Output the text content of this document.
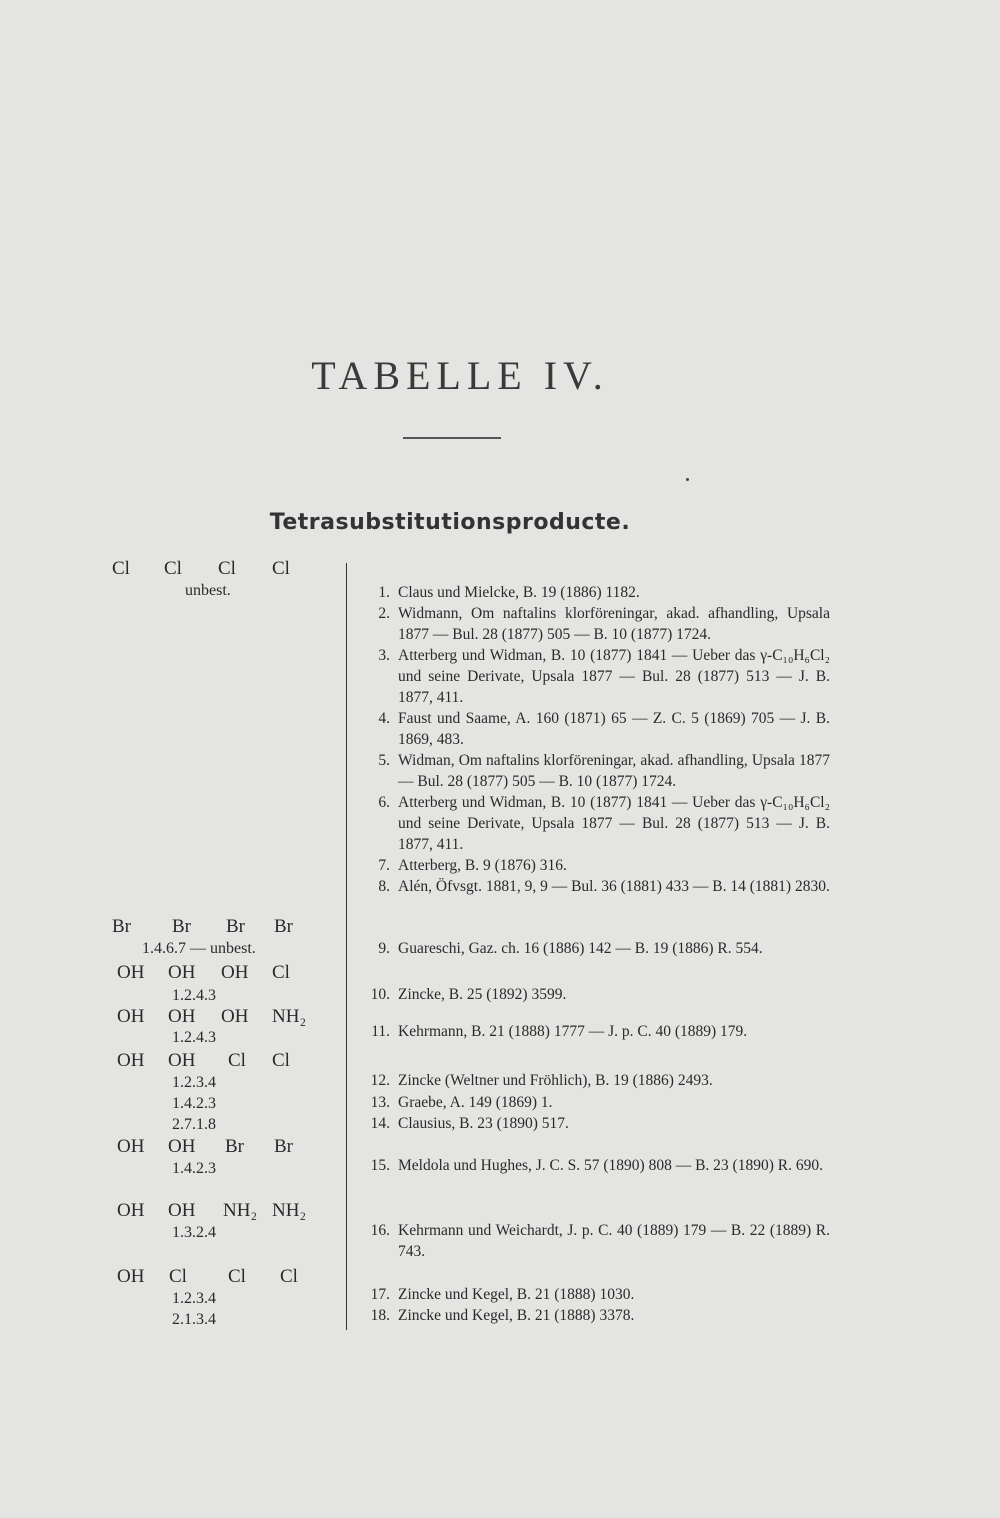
TABELLE IV.
Tetrasubstitutionsproducte.
Cl Cl Cl Cl
unbest.
Br Br Br Br
1.4.6.7 — unbest.
OH OH OH Cl
1.2.4.3
OH OH OH NH₂
1.2.4.3
OH OH Cl Cl
1.2.3.4
1.4.2.3
2.7.1.8
OH OH Br Br
1.4.2.3
OH OH NH₂ NH₂
1.3.2.4
OH Cl Cl Cl
1.2.3.4
2.1.3.4
1. Claus und Mielcke, B. 19 (1886) 1182.
2. Widmann, Om naftalins klorföreningar, akad. afhandling, Upsala 1877 — Bul. 28 (1877) 505 — B. 10 (1877) 1724.
3. Atterberg und Widman, B. 10 (1877) 1841 — Ueber das γ-C₁₀H₆Cl₂ und seine Derivate, Upsala 1877 — Bul. 28 (1877) 513 — J. B. 1877, 411.
4. Faust und Saame, A. 160 (1871) 65 — Z. C. 5 (1869) 705 — J. B. 1869, 483.
5. Widman, Om naftalins klorföreningar, akad. afhandling, Upsala 1877 — Bul. 28 (1877) 505 — B. 10 (1877) 1724.
6. Atterberg und Widman, B. 10 (1877) 1841 — Ueber das γ-C₁₀H₆Cl₂ und seine Derivate, Upsala 1877 — Bul. 28 (1877) 513 — J. B. 1877, 411.
7. Atterberg, B. 9 (1876) 316.
8. Alén, Öfvsgt. 1881, 9, 9 — Bul. 36 (1881) 433 — B. 14 (1881) 2830.
9. Guareschi, Gaz. ch. 16 (1886) 142 — B. 19 (1886) R. 554.
10. Zincke, B. 25 (1892) 3599.
11. Kehrmann, B. 21 (1888) 1777 — J. p. C. 40 (1889) 179.
12. Zincke (Weltner und Fröhlich), B. 19 (1886) 2493.
13. Graebe, A. 149 (1869) 1.
14. Clausius, B. 23 (1890) 517.
15. Meldola und Hughes, J. C. S. 57 (1890) 808 — B. 23 (1890) R. 690.
16. Kehrmann und Weichardt, J. p. C. 40 (1889) 179 — B. 22 (1889) R. 743.
17. Zincke und Kegel, B. 21 (1888) 1030.
18. Zincke und Kegel, B. 21 (1888) 3378.
